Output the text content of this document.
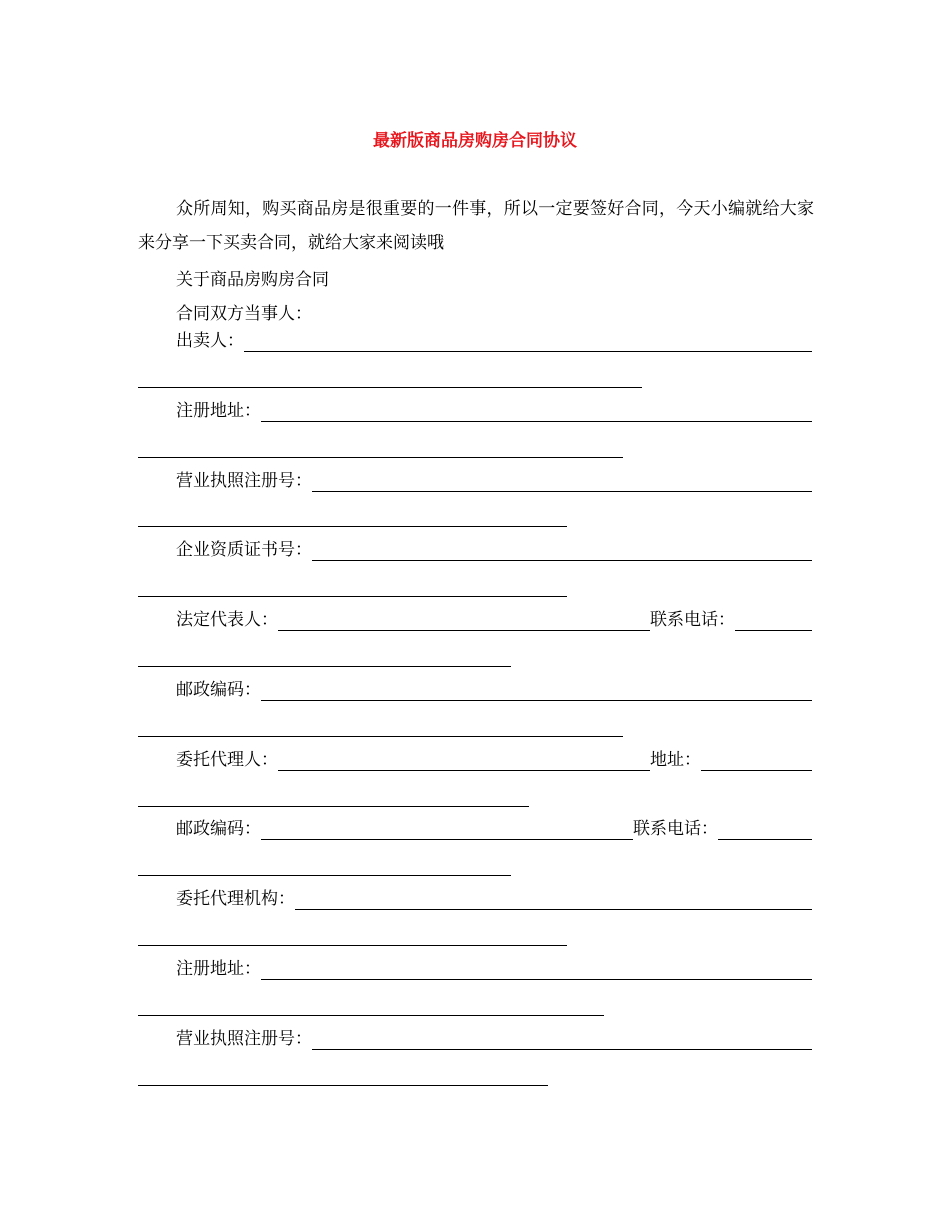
最新版商品房购房合同协议
众所周知，购买商品房是很重要的一件事，所以一定要签好合同，今天小编就给大家来分享一下买卖合同，就给大家来阅读哦
关于商品房购房合同
合同双方当事人：
出卖人：
注册地址：
营业执照注册号：
企业资质证书号：
法定代表人：	联系电话：
邮政编码：
委托代理人：	地址：
邮政编码：	联系电话：
委托代理机构：
注册地址：
营业执照注册号：
